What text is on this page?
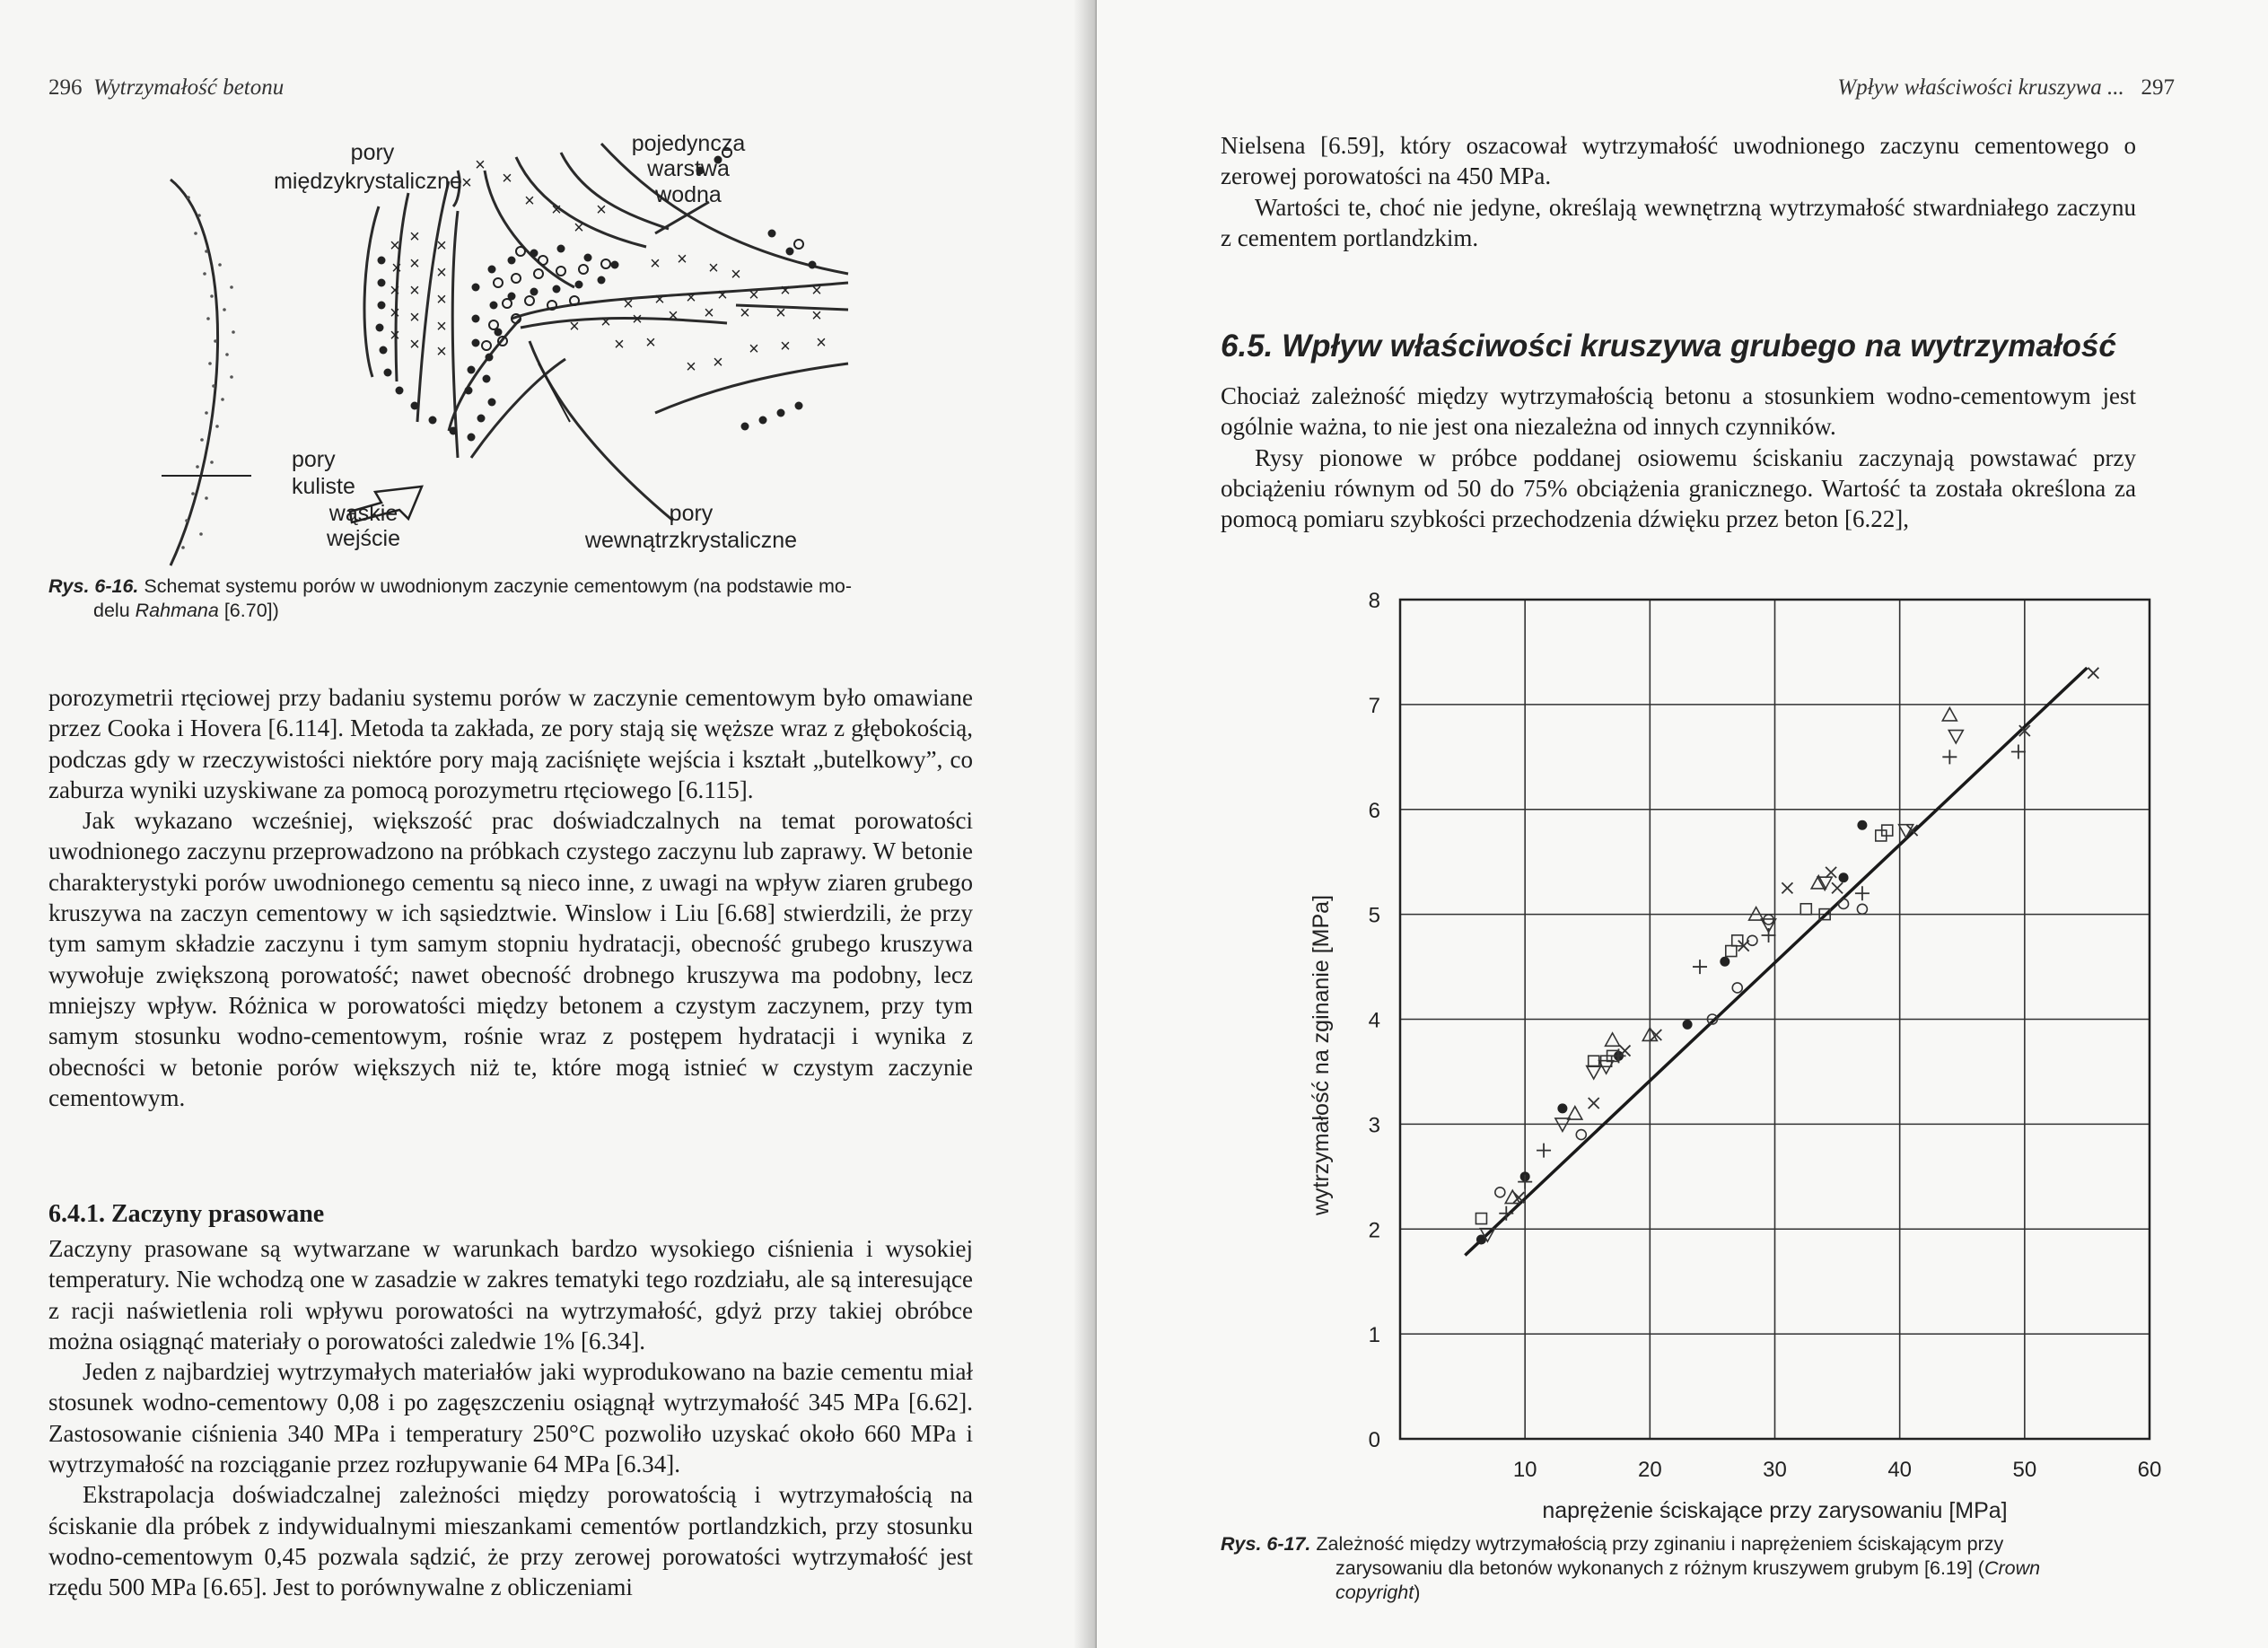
296 Wytrzymałość betonu
×
×
×
×
×
×
×
×
×
×
×
×
×
×
×
×
×
×
× ×
×
×
× × × ×
× × × × × × ×
× × × × × × × ×
× ×
× ×
× × ×
pory
międzykrystaliczne
pojedyncza
warstwa
wodna
pory
kuliste
wąskie
wejście
pory
wewnątrzkrystaliczne
Rys. 6-16. Schemat systemu porów w uwodnionym zaczynie cementowym (na podstawie mo-
delu Rahmana [6.70])

porozymetrii rtęciowej przy badaniu systemu porów w zaczynie cementowym było omawiane przez Cooka i Hovera [6.114]. Metoda ta zakłada, ze pory stają się węższe wraz z głębokością, podczas gdy w rzeczywistości niektóre pory mają zaciśnięte wejścia i kształt „butelkowy”, co zaburza wyniki uzyskiwane za pomocą porozymetru rtęciowego [6.115].

Jak wykazano wcześniej, większość prac doświadczalnych na temat porowatości uwodnionego zaczynu przeprowadzono na próbkach czystego zaczynu lub zaprawy. W betonie charakterystyki porów uwodnionego cementu są nieco inne, z uwagi na wpływ ziaren grubego kruszywa na zaczyn cementowy w ich sąsiedztwie. Winslow i Liu [6.68] stwierdzili, że przy tym samym składzie zaczynu i tym samym stopniu hydratacji, obecność grubego kruszywa wywołuje zwiększoną porowatość; nawet obecność drobnego kruszywa ma podobny, lecz mniejszy wpływ. Różnica w porowatości między betonem a czystym zaczynem, przy tym samym stosunku wodno-cementowym, rośnie wraz z postępem hydratacji i wynika z obecności w betonie porów większych niż te, które mogą istnieć w czystym zaczynie cementowym.

6.4.1. Zaczyny prasowane

Zaczyny prasowane są wytwarzane w warunkach bardzo wysokiego ciśnienia i wysokiej temperatury. Nie wchodzą one w zasadzie w zakres tematyki tego rozdziału, ale są interesujące z racji naświetlenia roli wpływu porowatości na wytrzymałość, gdyż przy takiej obróbce można osiągnąć materiały o porowatości zaledwie 1% [6.34].

Jeden z najbardziej wytrzymałych materiałów jaki wyprodukowano na bazie cementu miał stosunek wodno-cementowy 0,08 i po zagęszczeniu osiągnął wytrzymałość 345 MPa [6.62]. Zastosowanie ciśnienia 340 MPa i temperatury 250°C pozwoliło uzyskać około 660 MPa i wytrzymałość na rozciąganie przez rozłupywanie 64 MPa [6.34].

Ekstrapolacja doświadczalnej zależności między porowatością i wytrzymałością na ściskanie dla próbek z indywidualnymi mieszankami cementów portlandzkich, przy stosunku wodno-cementowym 0,45 pozwala sądzić, że przy zerowej porowatości wytrzymałość jest rzędu 500 MPa [6.65]. Jest to porównywalne z obliczeniami

Wpływ właściwości kruszywa ... 297

Nielsena [6.59], który oszacował wytrzymałość uwodnionego zaczynu cementowego o zerowej porowatości na 450 MPa.

Wartości te, choć nie jedyne, określają wewnętrzną wytrzymałość stwardniałego zaczynu z cementem portlandzkim.

6.5. Wpływ właściwości kruszywa grubego na wytrzymałość

Chociaż zależność między wytrzymałością betonu a stosunkiem wodno-cementowym jest ogólnie ważna, to nie jest ona niezależna od innych czynników.

Rysy pionowe w próbce poddanej osiowemu ściskaniu zaczynają powstawać przy obciążeniu równym od 50 do 75% obciążenia granicznego. Wartość ta została określona za pomocą pomiaru szybkości przechodzenia dźwięku przez beton [6.22],

0
1
2
3
4
5
6
7
8
10	20	30	40	50	60
wytrzymałość na zginanie [MPa]
naprężenie ściskające przy zarysowaniu [MPa]
Rys. 6-17. Zależność między wytrzymałością przy zginaniu i naprężeniem ściskającym przy
zarysowaniu dla betonów wykonanych z różnym kruszywem grubym [6.19] (Crown
copyright)
